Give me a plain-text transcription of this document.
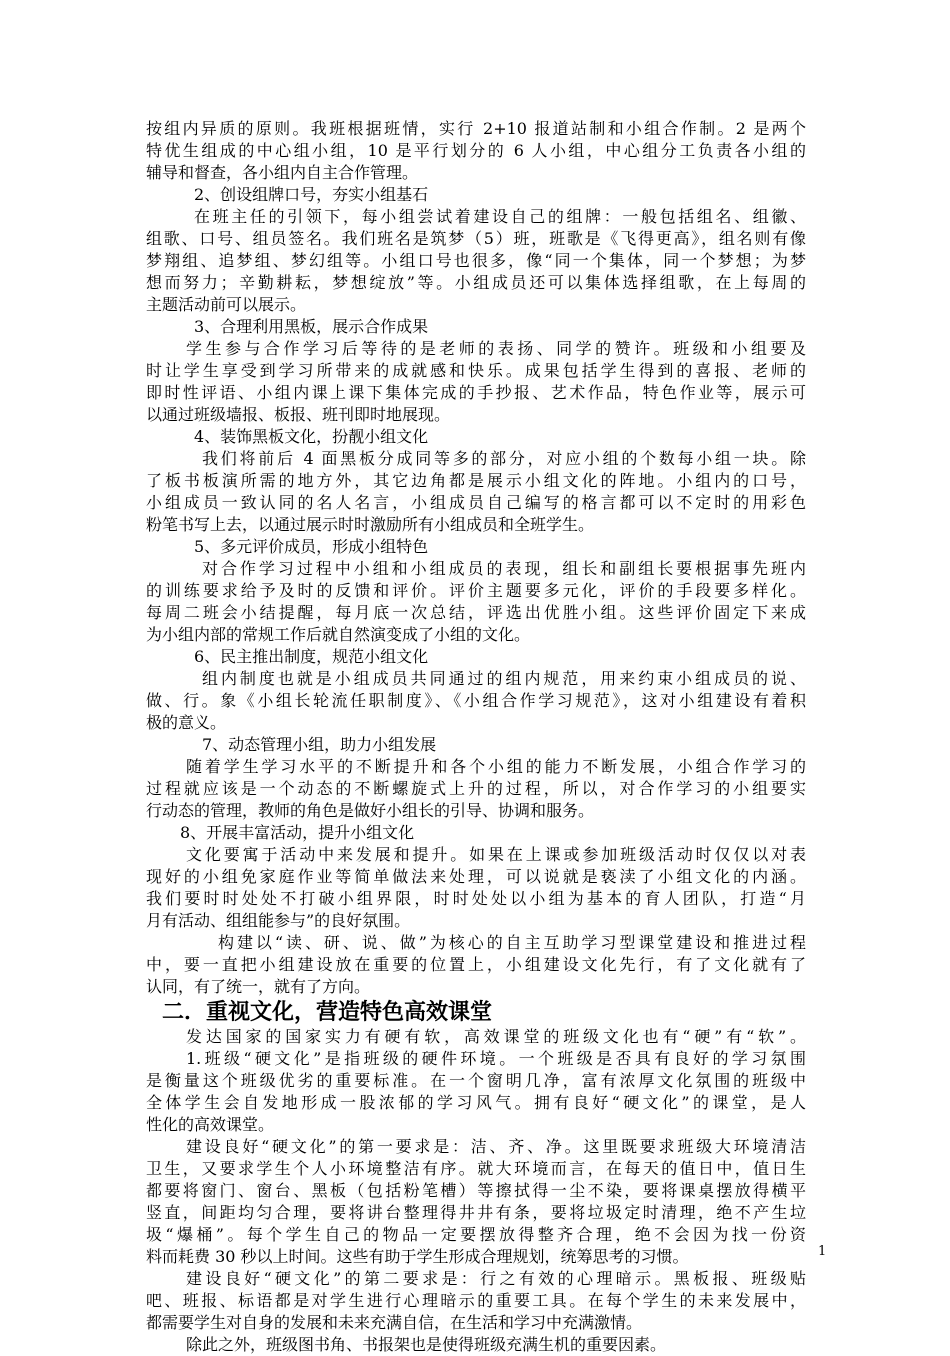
按组内异质的原则。我班根据班情，实行 2+10 报道站制和小组合作制。2 是两个
特优生组成的中心组小组，10 是平行划分的 6 人小组，中心组分工负责各小组的
辅导和督查，各小组内自主合作管理。
2、创设组牌口号，夯实小组基石
在班主任的引领下，每小组尝试着建设自己的组牌：一般包括组名、组徽、
组歌、口号、组员签名。我们班名是筑梦（5）班，班歌是《飞得更高》，组名则有像
梦翔组、追梦组、梦幻组等。小组口号也很多，像“同一个集体，同一个梦想；为梦
想而努力；辛勤耕耘，梦想绽放”等。小组成员还可以集体选择组歌，在上每周的
主题活动前可以展示。
3、合理利用黑板，展示合作成果
学生参与合作学习后等待的是老师的表扬、同学的赞许。班级和小组要及
时让学生享受到学习所带来的成就感和快乐。成果包括学生得到的喜报、老师的
即时性评语、小组内课上课下集体完成的手抄报、艺术作品，特色作业等，展示可
以通过班级墙报、板报、班刊即时地展现。
4、装饰黑板文化，扮靓小组文化
我们将前后 4 面黑板分成同等多的部分，对应小组的个数每小组一块。除
了板书板演所需的地方外，其它边角都是展示小组文化的阵地。小组内的口号，
小组成员一致认同的名人名言，小组成员自己编写的格言都可以不定时的用彩色
粉笔书写上去，以通过展示时时激励所有小组成员和全班学生。
5、多元评价成员，形成小组特色
对合作学习过程中小组和小组成员的表现，组长和副组长要根据事先班内
的训练要求给予及时的反馈和评价。评价主题要多元化，评价的手段要多样化。
每周二班会小结提醒，每月底一次总结，评选出优胜小组。这些评价固定下来成
为小组内部的常规工作后就自然演变成了小组的文化。
6、民主推出制度，规范小组文化
组内制度也就是小组成员共同通过的组内规范，用来约束小组成员的说、
做、行。象《小组长轮流任职制度》、《小组合作学习规范》，这对小组建设有着积
极的意义。
7、动态管理小组，助力小组发展
随着学生学习水平的不断提升和各个小组的能力不断发展，小组合作学习的
过程就应该是一个动态的不断螺旋式上升的过程，所以，对合作学习的小组要实
行动态的管理，教师的角色是做好小组长的引导、协调和服务。
8、开展丰富活动，提升小组文化
文化要寓于活动中来发展和提升。如果在上课或参加班级活动时仅仅以对表
现好的小组免家庭作业等简单做法来处理，可以说就是亵渎了小组文化的内涵。
我们要时时处处不打破小组界限，时时处处以小组为基本的育人团队，打造“月
月有活动、组组能参与”的良好氛围。
构建以“读、研、说、做”为核心的自主互助学习型课堂建设和推进过程
中，要一直把小组建设放在重要的位置上，小组建设文化先行，有了文化就有了
认同，有了统一，就有了方向。
二．重视文化，营造特色高效课堂
发达国家的国家实力有硬有软，高效课堂的班级文化也有“硬”有“软”。
1.班级“硬文化”是指班级的硬件环境。一个班级是否具有良好的学习氛围
是衡量这个班级优劣的重要标准。在一个窗明几净，富有浓厚文化氛围的班级中
全体学生会自发地形成一股浓郁的学习风气。拥有良好“硬文化”的课堂，是人
性化的高效课堂。
建设良好“硬文化”的第一要求是：洁、齐、净。这里既要求班级大环境清洁
卫生，又要求学生个人小环境整洁有序。就大环境而言，在每天的值日中，值日生
都要将窗门、窗台、黑板（包括粉笔槽）等擦拭得一尘不染，要将课桌摆放得横平
竖直，间距均匀合理，要将讲台整理得井井有条，要将垃圾定时清理，绝不产生垃
圾“爆桶”。每个学生自己的物品一定要摆放得整齐合理，绝不会因为找一份资
料而耗费 30 秒以上时间。这些有助于学生形成合理规划，统筹思考的习惯。
建设良好“硬文化”的第二要求是：行之有效的心理暗示。黑板报、班级贴
吧、班报、标语都是对学生进行心理暗示的重要工具。在每个学生的未来发展中，
都需要学生对自身的发展和未来充满自信，在生活和学习中充满激情。
除此之外，班级图书角、书报架也是使得班级充满生机的重要因素。
1
